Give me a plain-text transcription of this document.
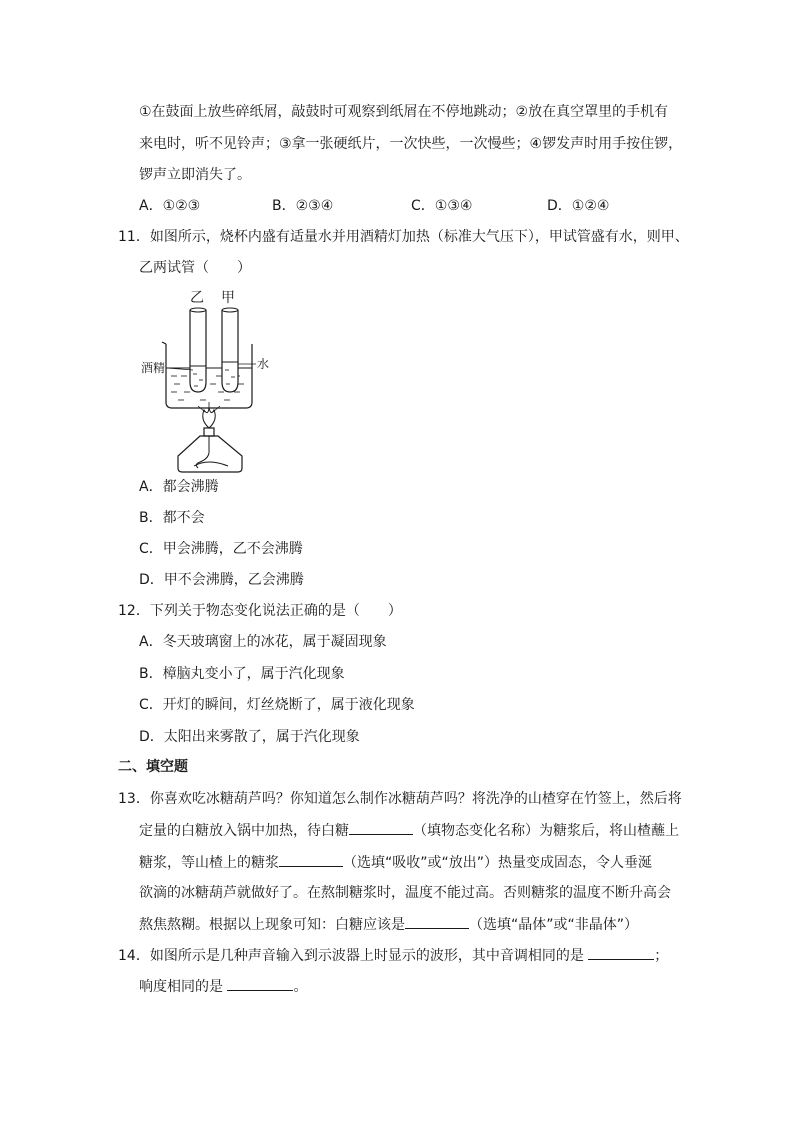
①在鼓面上放些碎纸屑，敲鼓时可观察到纸屑在不停地跳动；②放在真空罩里的手机有
来电时，听不见铃声；③拿一张硬纸片，一次快些，一次慢些；④锣发声时用手按住锣，
锣声立即消失了。
A．①②③	B．②③④	C．①③④	D．①②④
11．如图所示，烧杯内盛有适量水并用酒精灯加热（标准大气压下），甲试管盛有水，则甲、
乙两试管（　　）
乙 甲
酒精	水
A．都会沸腾
B．都不会
C．甲会沸腾，乙不会沸腾
D．甲不会沸腾，乙会沸腾
12．下列关于物态变化说法正确的是（　　）
A．冬天玻璃窗上的冰花，属于凝固现象
B．樟脑丸变小了，属于汽化现象
C．开灯的瞬间，灯丝烧断了，属于液化现象
D．太阳出来雾散了，属于汽化现象
二、填空题
13．你喜欢吃冰糖葫芦吗？你知道怎么制作冰糖葫芦吗？将洗净的山楂穿在竹签上，然后将
定量的白糖放入锅中加热，待白糖	（填物态变化名称）为糖浆后，将山楂蘸上
糖浆，等山楂上的糖浆	（选填“吸收”或“放出”）热量变成固态，令人垂涎
欲滴的冰糖葫芦就做好了。在熬制糖浆时，温度不能过高。否则糖浆的温度不断升高会
熬焦熬糊。根据以上现象可知：白糖应该是	（选填“晶体”或“非晶体”）
14．如图所示是几种声音输入到示波器上时显示的波形，其中音调相同的是	；
响度相同的是	。
